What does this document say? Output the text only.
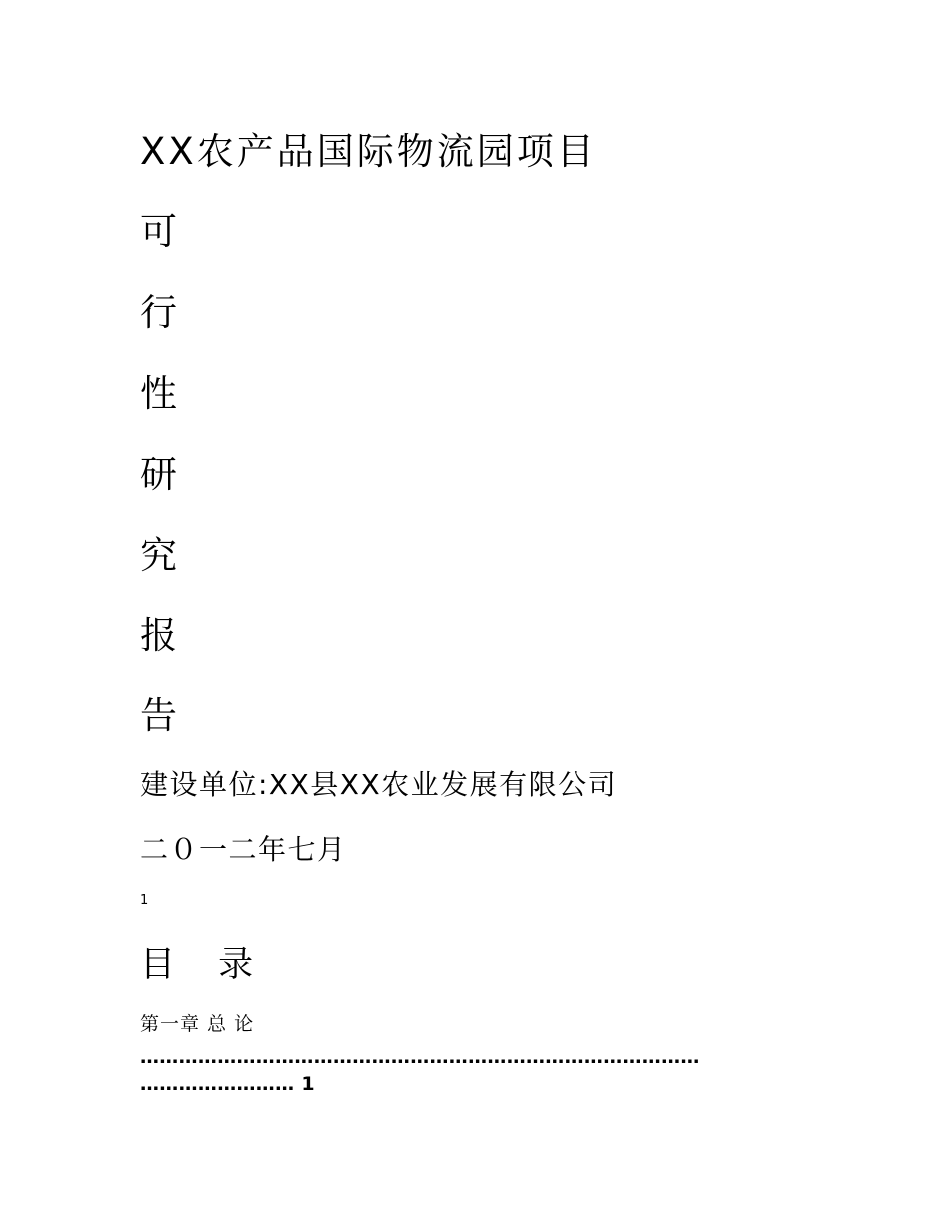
XX农产品国际物流园项目
可
行
性
研
究
报
告
建设单位:XX县XX农业发展有限公司
二０一二年七月
1
目 录
第一章 总 论
……………………………………………………………………………
…………………… 1
